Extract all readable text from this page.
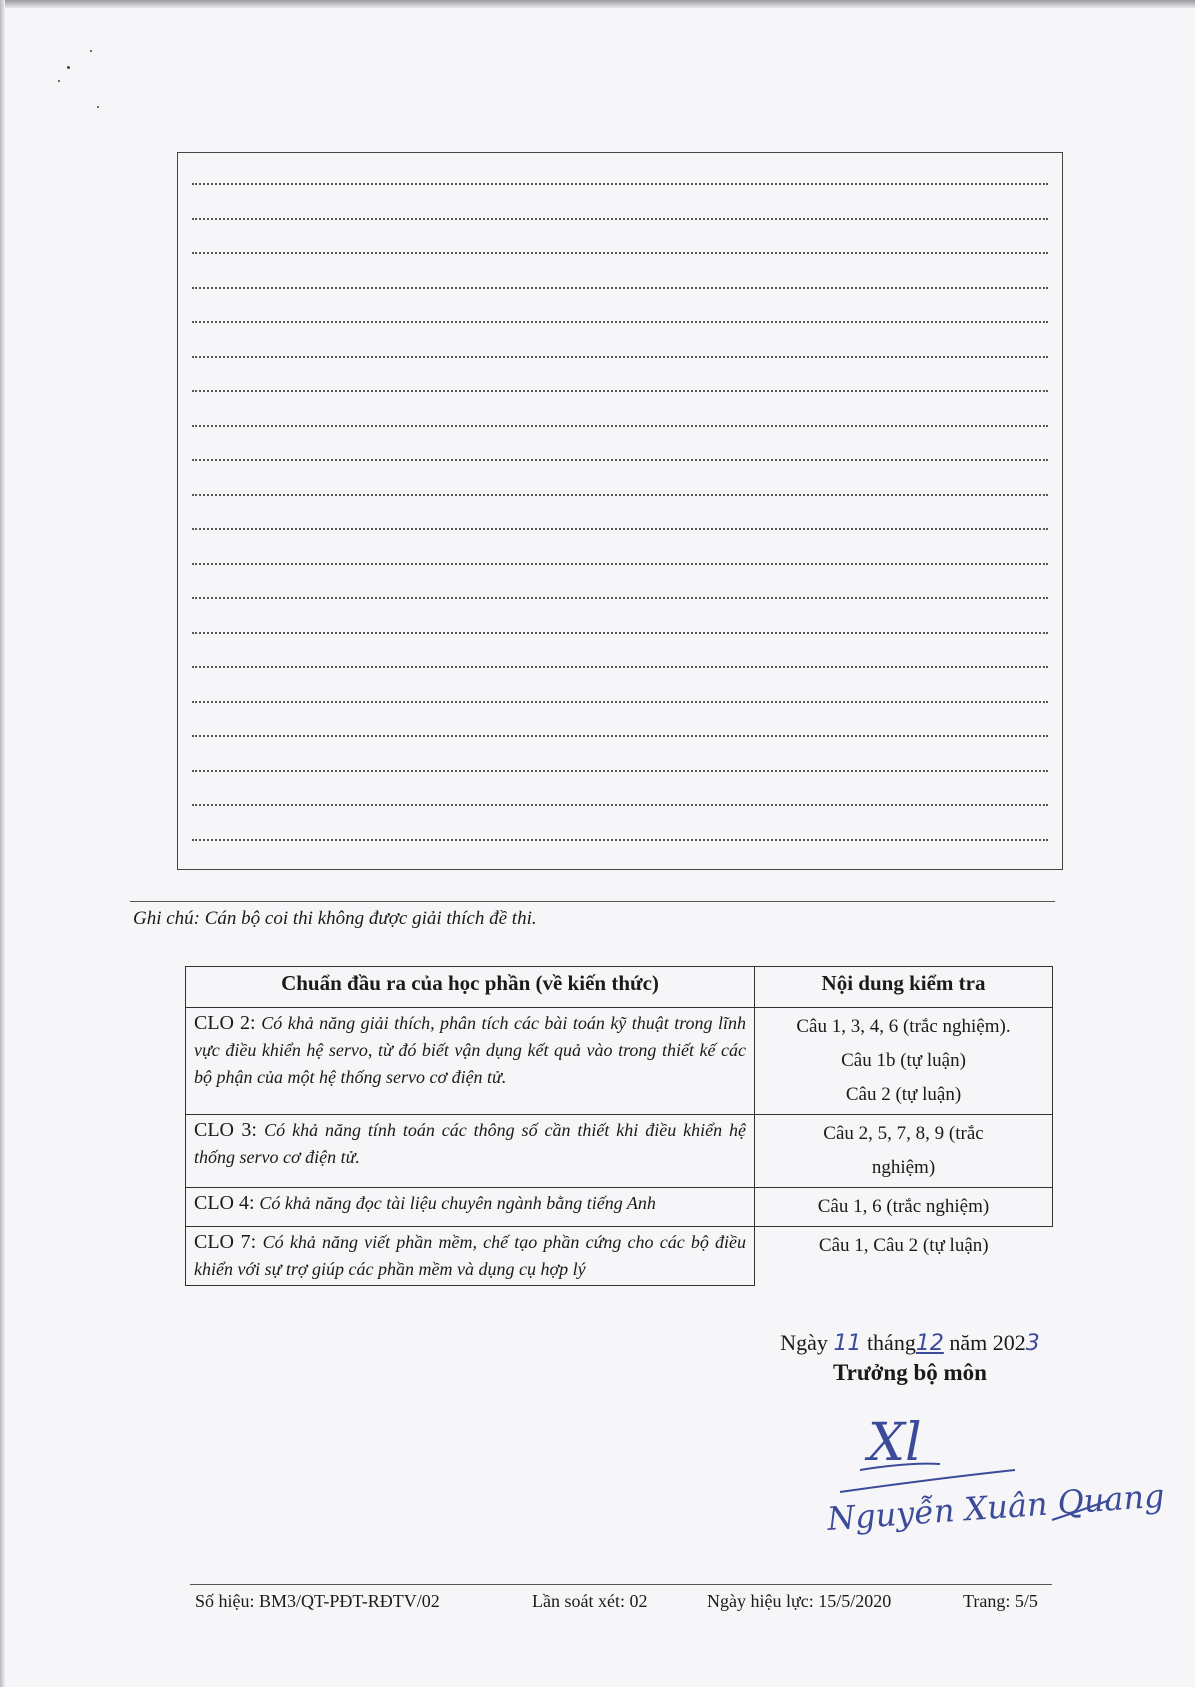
Ghi chú: Cán bộ coi thi không được giải thích đề thi.
Chuẩn đầu ra của học phần (về kiến thức)	Nội dung kiểm tra
CLO 2: Có khả năng giải thích, phân tích các bài toán kỹ thuật trong lĩnh vực điều khiển hệ servo, từ đó biết vận dụng kết quả vào trong thiết kế các bộ phận của một hệ thống servo cơ điện tử.	Câu 1, 3, 4, 6 (trắc nghiệm).
Câu 1b (tự luận)
Câu 2 (tự luận)

CLO 3: Có khả năng tính toán các thông số cần thiết khi điều khiển hệ thống servo cơ điện tử.	Câu 2, 5, 7, 8, 9 (trắc nghiệm)

CLO 4: Có khả năng đọc tài liệu chuyên ngành bằng tiếng Anh	Câu 1, 6 (trắc nghiệm)

CLO 7: Có khả năng viết phần mềm, chế tạo phần cứng cho các bộ điều khiển với sự trợ giúp các phần mềm và dụng cụ hợp lý	Câu 1, Câu 2 (tự luận)
Ngày 11 tháng12 năm 2023
Trưởng bộ môn
Xl
Nguyễn Xuân Quang
Số hiệu: BM3/QT-PĐT-RĐTV/02	Lần soát xét: 02	Ngày hiệu lực: 15/5/2020	Trang: 5/5
